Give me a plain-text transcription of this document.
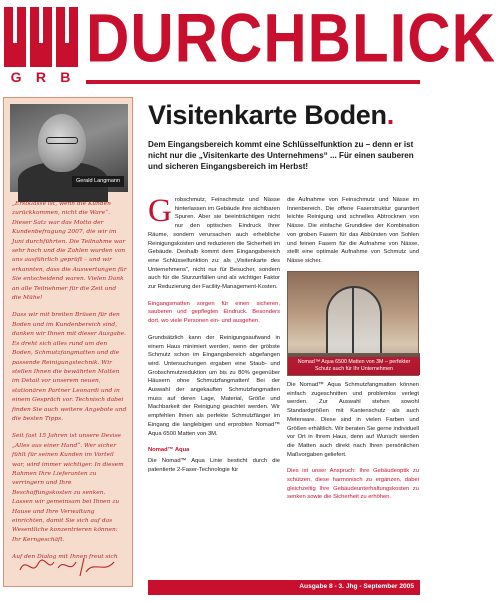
G R B
DURCHBLICK
Gerald Langmann

„Erstklasse ist, wenn die Kunden zurückkommen, nicht die Ware“. Dieser Satz war das Motto der Kundenbefragung 2007, die wir im Juni durchführten. Die Teilnahme war sehr hoch und die Zahlen wurden von uns ausführlich geprüft – und wir erkannten, dass die Auswertungen für Sie entscheidend waren. Vielen Dank an alle Teilnehmer für die Zeit und die Mühe!

Dass wir mit breiten Brüsen für den Boden und im Kundenbereich sind, danken wir Ihnen mit dieser Ausgabe. Es dreht sich alles rund um den Boden, Schmutzfangmatten und die passende Reinigungstechnik. Wir stellen Ihnen die bewährten Matten im Detail vor unserem neuen, stationären Partner Leonardi und in einem Gespräch vor. Technisch dabei finden Sie auch weitere Angebote und die besten Tipps.

Seit fast 15 Jahren ist unsere Devise „Alles aus einer Hand“. Wer sicher fühlt für seinen Kunden im Vorteil war, wird immer wichtiger. In diesem Rahmen Ihre Lieferanten zu verringern und Ihre Beschaffungskosten zu senken. Lassen wir gemeinsam bei Ihnen zu Hause und Ihre Verwaltung einrichten, damit Sie sich auf das Wesentliche konzentrieren können: Ihr Kerngeschäft.

Auf den Dialog mit Ihnen freut sich

Visitenkarte Boden.
Dem Eingangsbereich kommt eine Schlüsselfunktion zu – denn er ist nicht nur die „Visitenkarte des Unternehmens“ ... Für einen sauberen und sicheren Eingangsbereich im Herbst!

Grobschmutz, Feinschmutz und Nässe hinterlassen im Gebäude ihre sichtbaren Spuren. Aber sie beeinträchtigen nicht nur den optischen Eindruck Ihrer Räume, sondern verursachen auch erhebliche Reinigungskosten und reduzieren die Sicherheit im Gebäude. Deshalb kommt dem Eingangsbereich eine Schlüsselfunktion zu: als „Visitenkarte des Unternehmens“, nicht nur für Besucher, sondern auch für die Sturzunfällen und als wichtiger Faktor zur Reduzierung der Facility-Management-Kosten.

Eingangsmatten sorgen für einen sicheren, sauberen und gepflegten Eindruck. Besonders dort, wo viele Personen ein- und ausgehen.

Grundsätzlich kann der Reinigungsaufwand in einem Haus minimiert werden, wenn der gröbste Schmutz schon im Eingangsbereich abgefangen wird. Untersuchungen ergaben eine Staub- und Grobschmutzreduktion um bis zu 80% gegenüber Häusern ohne Schmutzfangmatten! Bei der Auswahl der angekauften Schmutzfangmatten muss auf deren Lage, Material, Größe und Machbarkeit der Reinigung geachtet werden. Wir empfehlen Ihnen als perfekte Schmutzfänger im Eingang die langlebigen und erprobten Nomad™ Aqua 6500 Matten von 3M.

Nomad™ Aqua

Die Nomad™ Aqua Linie besticht durch die patentierte 2-Faser-Technologie für

die Aufnahme von Feinschmutz und Nässe im Innenbereich. Die offene Faserstruktur garantiert leichte Reinigung und schnelles Abtrocknen von Nässe. Die einfache Grundidee der Kombination von groben Fasern für das Abbürsten von Sohlen und feinen Fasern für die Aufnahme von Nässe, stellt eine optimale Aufnahme von Schmutz und Nässe sicher.

Nomad™ Aqua 6500 Matten von 3M – perfekter Schutz auch für Ihr Unternehmen

Die Nomad™ Aqua Schmutzfangmatten können einfach zugeschnitten und problemlos verlegt werden. Zur Auswahl stehen sowohl Standardgrößen mit Kantenschutz als auch Meterware. Diese sind in vielen Farben und Größen erhältlich. Wir beraten Sie gerne individuell vor Ort in Ihrem Haus, denn auf Wunsch werden die Matten auch direkt nach Ihren persönlichen Maßvorgaben geliefert.

Dies ist unser Anspruch: Ihre Gebäudeoptik zu schützen, diese harmonisch zu ergänzen, dabei gleichzeitig Ihre Gebäudeunterhaltungskosten zu senken sowie die Sicherheit zu erhöhen.

Ausgabe 8 - 3. Jhg - September 2005
